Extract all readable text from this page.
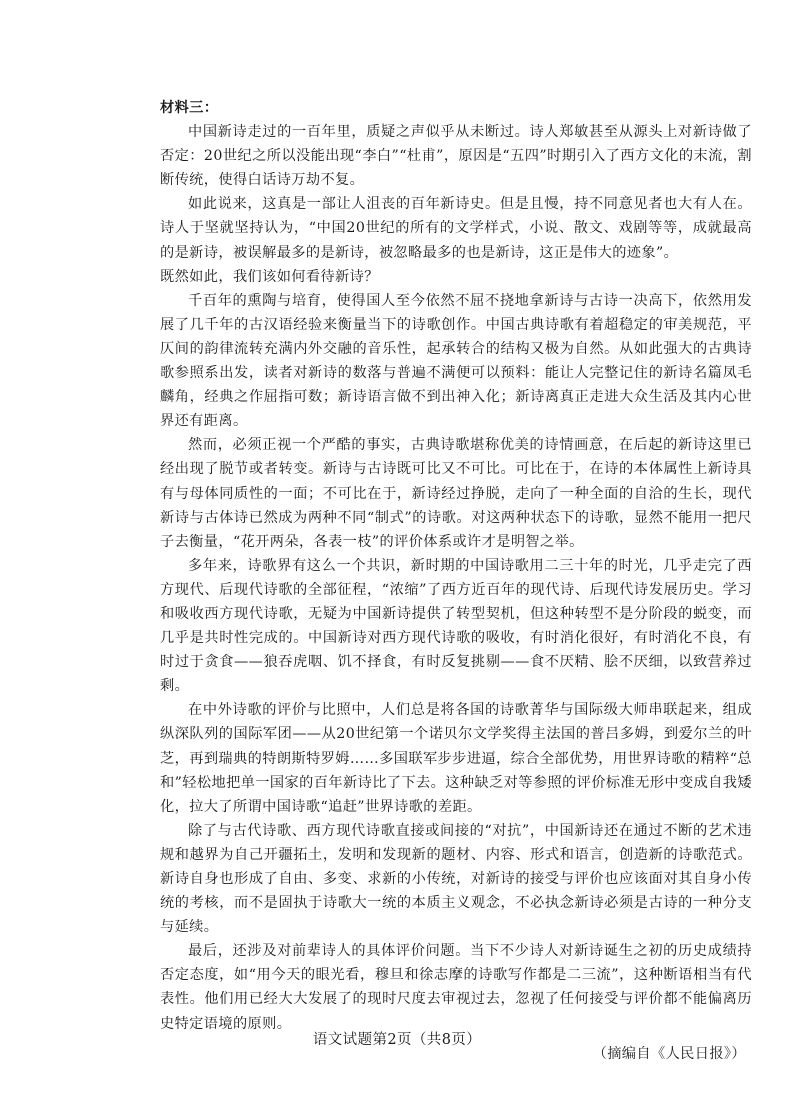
材料三：

中国新诗走过的一百年里，质疑之声似乎从未断过。诗人郑敏甚至从源头上对新诗做了否定：20世纪之所以没能出现“李白”“杜甫”，原因是“五四”时期引入了西方文化的末流，割断传统，使得白话诗万劫不复。

如此说来，这真是一部让人沮丧的百年新诗史。但是且慢，持不同意见者也大有人在。诗人于坚就坚持认为，“中国20世纪的所有的文学样式，小说、散文、戏剧等等，成就最高的是新诗，被误解最多的是新诗，被忽略最多的也是新诗，这正是伟大的迹象”。

既然如此，我们该如何看待新诗？

千百年的熏陶与培育，使得国人至今依然不屈不挠地拿新诗与古诗一决高下，依然用发展了几千年的古汉语经验来衡量当下的诗歌创作。中国古典诗歌有着超稳定的审美规范，平仄间的韵律流转充满内外交融的音乐性，起承转合的结构又极为自然。从如此强大的古典诗歌参照系出发，读者对新诗的数落与普遍不满便可以预料：能让人完整记住的新诗名篇凤毛麟角，经典之作屈指可数；新诗语言做不到出神入化；新诗离真正走进大众生活及其内心世界还有距离。

然而，必须正视一个严酷的事实，古典诗歌堪称优美的诗情画意，在后起的新诗这里已经出现了脱节或者转变。新诗与古诗既可比又不可比。可比在于，在诗的本体属性上新诗具有与母体同质性的一面；不可比在于，新诗经过挣脱，走向了一种全面的自洽的生长，现代新诗与古体诗已然成为两种不同“制式”的诗歌。对这两种状态下的诗歌，显然不能用一把尺子去衡量，“花开两朵，各表一枝”的评价体系或许才是明智之举。

多年来，诗歌界有这么一个共识，新时期的中国诗歌用二三十年的时光，几乎走完了西方现代、后现代诗歌的全部征程，“浓缩”了西方近百年的现代诗、后现代诗发展历史。学习和吸收西方现代诗歌，无疑为中国新诗提供了转型契机，但这种转型不是分阶段的蜕变，而几乎是共时性完成的。中国新诗对西方现代诗歌的吸收，有时消化很好，有时消化不良，有时过于贪食——狼吞虎咽、饥不择食，有时反复挑剔——食不厌精、脍不厌细，以致营养过剩。

在中外诗歌的评价与比照中，人们总是将各国的诗歌菁华与国际级大师串联起来，组成纵深队列的国际军团——从20世纪第一个诺贝尔文学奖得主法国的普吕多姆，到爱尔兰的叶芝，再到瑞典的特朗斯特罗姆……多国联军步步进逼，综合全部优势，用世界诗歌的精粹“总和”轻松地把单一国家的百年新诗比了下去。这种缺乏对等参照的评价标准无形中变成自我矮化，拉大了所谓中国诗歌“追赶”世界诗歌的差距。

除了与古代诗歌、西方现代诗歌直接或间接的“对抗”，中国新诗还在通过不断的艺术违规和越界为自己开疆拓土，发明和发现新的题材、内容、形式和语言，创造新的诗歌范式。新诗自身也形成了自由、多变、求新的小传统，对新诗的接受与评价也应该面对其自身小传统的考核，而不是固执于诗歌大一统的本质主义观念，不必执念新诗必须是古诗的一种分支与延续。

最后，还涉及对前辈诗人的具体评价问题。当下不少诗人对新诗诞生之初的历史成绩持否定态度，如“用今天的眼光看，穆旦和徐志摩的诗歌写作都是二三流”，这种断语相当有代表性。他们用已经大大发展了的现时尺度去审视过去，忽视了任何接受与评价都不能偏离历史特定语境的原则。

（摘编自《人民日报》）
语文试题第2页（共8页）
